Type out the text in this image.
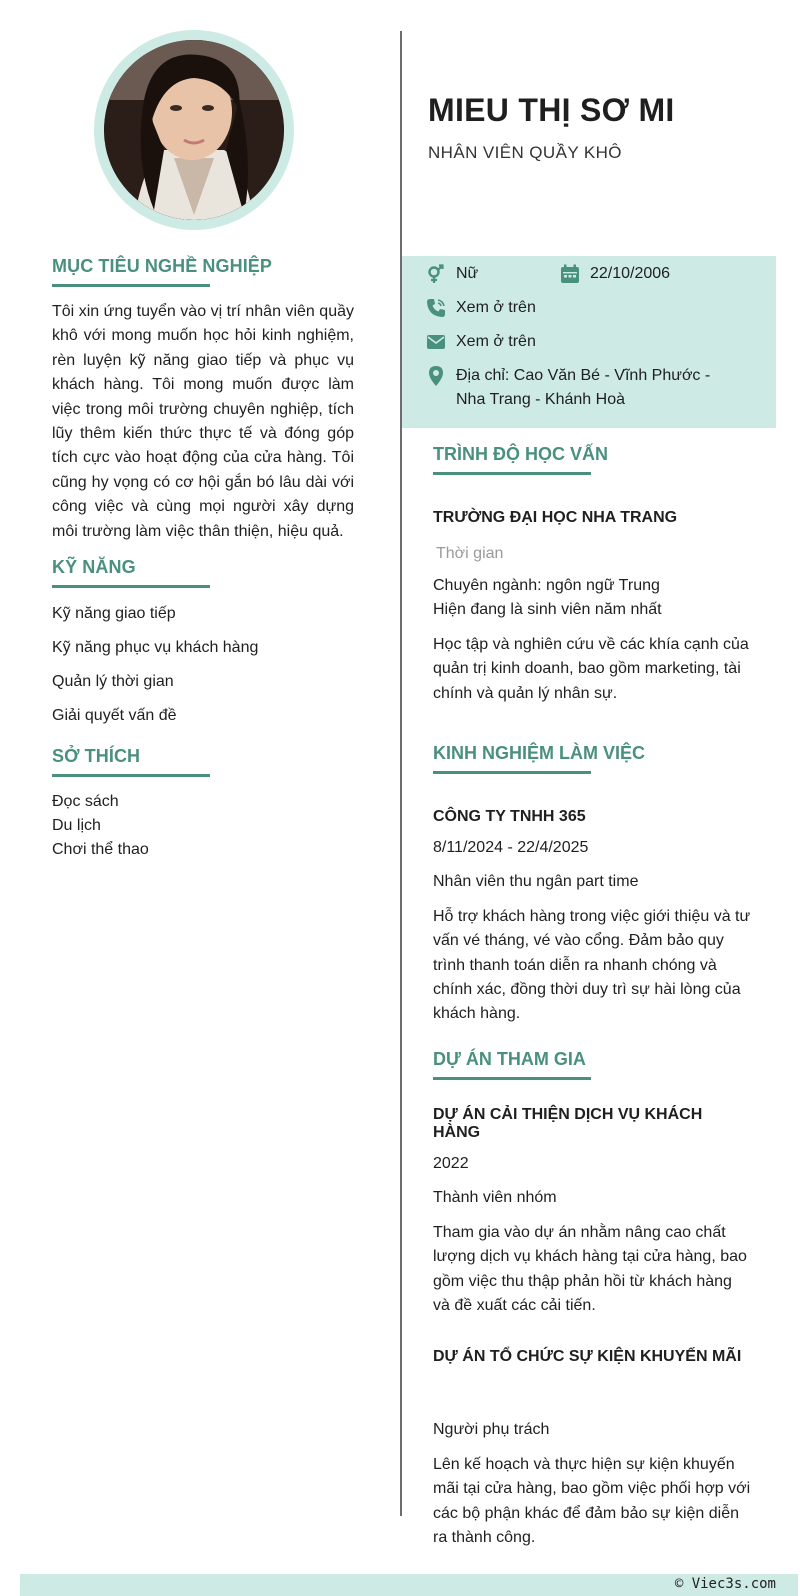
MỤC TIÊU NGHỀ NGHIỆP

Tôi xin ứng tuyển vào vị trí nhân viên quầy khô với mong muốn học hỏi kinh nghiệm, rèn luyện kỹ năng giao tiếp và phục vụ khách hàng. Tôi mong muốn được làm việc trong môi trường chuyên nghiệp, tích lũy thêm kiến thức thực tế và đóng góp tích cực vào hoạt động của cửa hàng. Tôi cũng hy vọng có cơ hội gắn bó lâu dài với công việc và cùng mọi người xây dựng môi trường làm việc thân thiện, hiệu quả.

KỸ NĂNG
Kỹ năng giao tiếp
Kỹ năng phục vụ khách hàng
Quản lý thời gian
Giải quyết vấn đề
SỞ THÍCH
Đọc sách
Du lịch
Chơi thể thao
MIEU THỊ SƠ MI
NHÂN VIÊN QUẦY KHÔ
Nữ	22/10/2006
Xem ở trên
Xem ở trên
Địa chỉ: Cao Văn Bé - Vĩnh Phước -
Nha Trang - Khánh Hoà
TRÌNH ĐỘ HỌC VẤN
TRƯỜNG ĐẠI HỌC NHA TRANG
Thời gian
Chuyên ngành: ngôn ngữ Trung
Hiện đang là sinh viên năm nhất
Học tập và nghiên cứu về các khía cạnh của quản trị kinh doanh, bao gồm marketing, tài chính và quản lý nhân sự.
KINH NGHIỆM LÀM VIỆC
CÔNG TY TNHH 365
8/11/2024 - 22/4/2025
Nhân viên thu ngân part time
Hỗ trợ khách hàng trong việc giới thiệu và tư vấn vé tháng, vé vào cổng. Đảm bảo quy trình thanh toán diễn ra nhanh chóng và chính xác, đồng thời duy trì sự hài lòng của khách hàng.
DỰ ÁN THAM GIA
DỰ ÁN CẢI THIỆN DỊCH VỤ KHÁCH HÀNG
2022
Thành viên nhóm
Tham gia vào dự án nhằm nâng cao chất lượng dịch vụ khách hàng tại cửa hàng, bao gồm việc thu thập phản hồi từ khách hàng và đề xuất các cải tiến.
DỰ ÁN TỔ CHỨC SỰ KIỆN KHUYẾN MÃI
Người phụ trách
Lên kế hoạch và thực hiện sự kiện khuyến mãi tại cửa hàng, bao gồm việc phối hợp với các bộ phận khác để đảm bảo sự kiện diễn ra thành công.
© Viec3s.com
